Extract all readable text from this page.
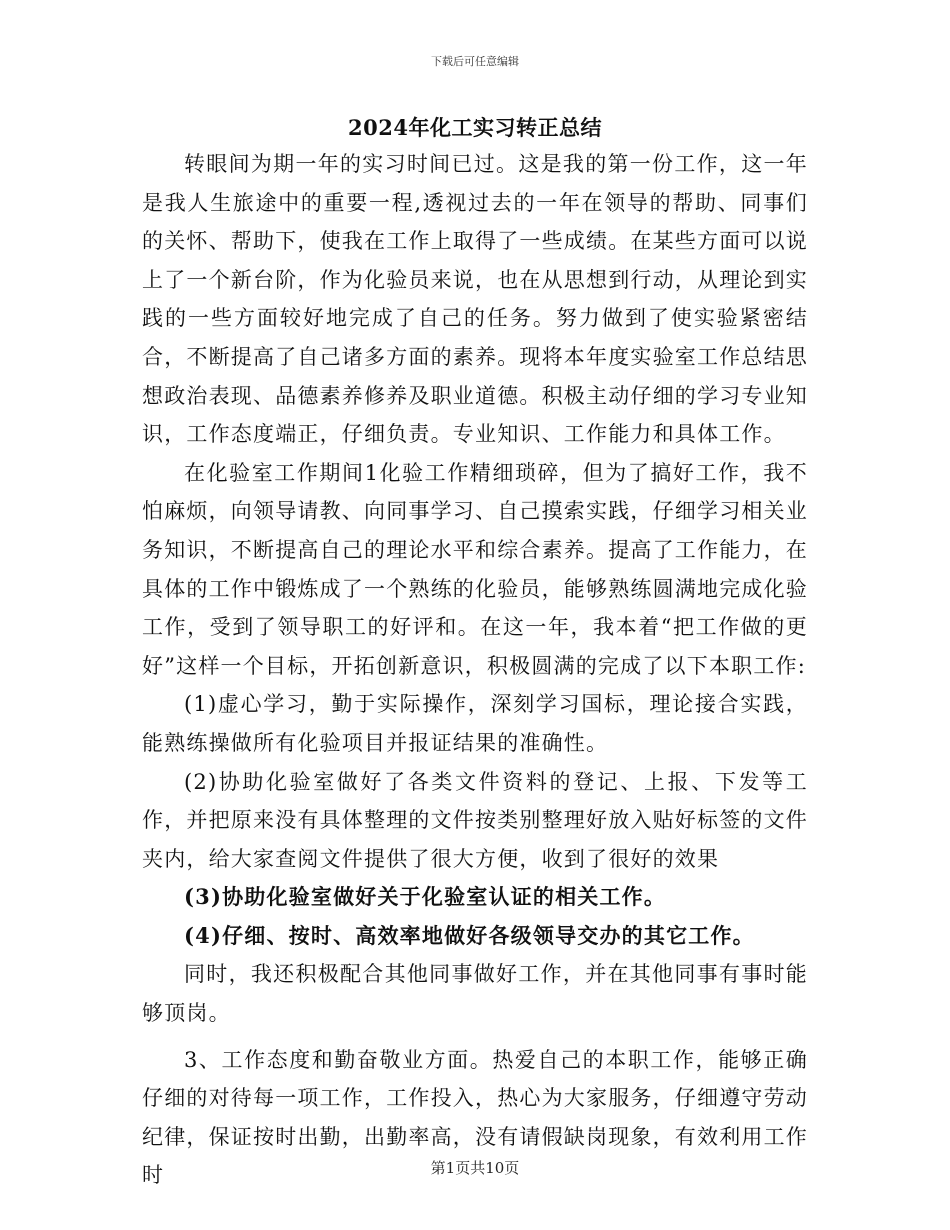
下载后可任意编辑
2024年化工实习转正总结

转眼间为期一年的实习时间已过。这是我的第一份工作，这一年是我人生旅途中的重要一程,透视过去的一年在领导的帮助、同事们的关怀、帮助下，使我在工作上取得了一些成绩。在某些方面可以说上了一个新台阶，作为化验员来说，也在从思想到行动，从理论到实践的一些方面较好地完成了自己的任务。努力做到了使实验紧密结合，不断提高了自己诸多方面的素养。现将本年度实验室工作总结思想政治表现、品德素养修养及职业道德。积极主动仔细的学习专业知识，工作态度端正，仔细负责。专业知识、工作能力和具体工作。

在化验室工作期间1化验工作精细琐碎，但为了搞好工作，我不怕麻烦，向领导请教、向同事学习、自己摸索实践，仔细学习相关业务知识，不断提高自己的理论水平和综合素养。提高了工作能力，在具体的工作中锻炼成了一个熟练的化验员，能够熟练圆满地完成化验工作，受到了领导职工的好评和。在这一年，我本着“把工作做的更好”这样一个目标，开拓创新意识，积极圆满的完成了以下本职工作:

(1)虚心学习，勤于实际操作，深刻学习国标，理论接合实践，能熟练操做所有化验项目并报证结果的准确性。

(2)协助化验室做好了各类文件资料的登记、上报、下发等工作，并把原来没有具体整理的文件按类别整理好放入贴好标签的文件夹内，给大家查阅文件提供了很大方便，收到了很好的效果

(3)协助化验室做好关于化验室认证的相关工作。

(4)仔细、按时、高效率地做好各级领导交办的其它工作。

同时，我还积极配合其他同事做好工作，并在其他同事有事时能够顶岗。

3、工作态度和勤奋敬业方面。热爱自己的本职工作，能够正确仔细的对待每一项工作，工作投入，热心为大家服务，仔细遵守劳动纪律，保证按时出勤，出勤率高，没有请假缺岗现象，有效利用工作时	第1页共10页
